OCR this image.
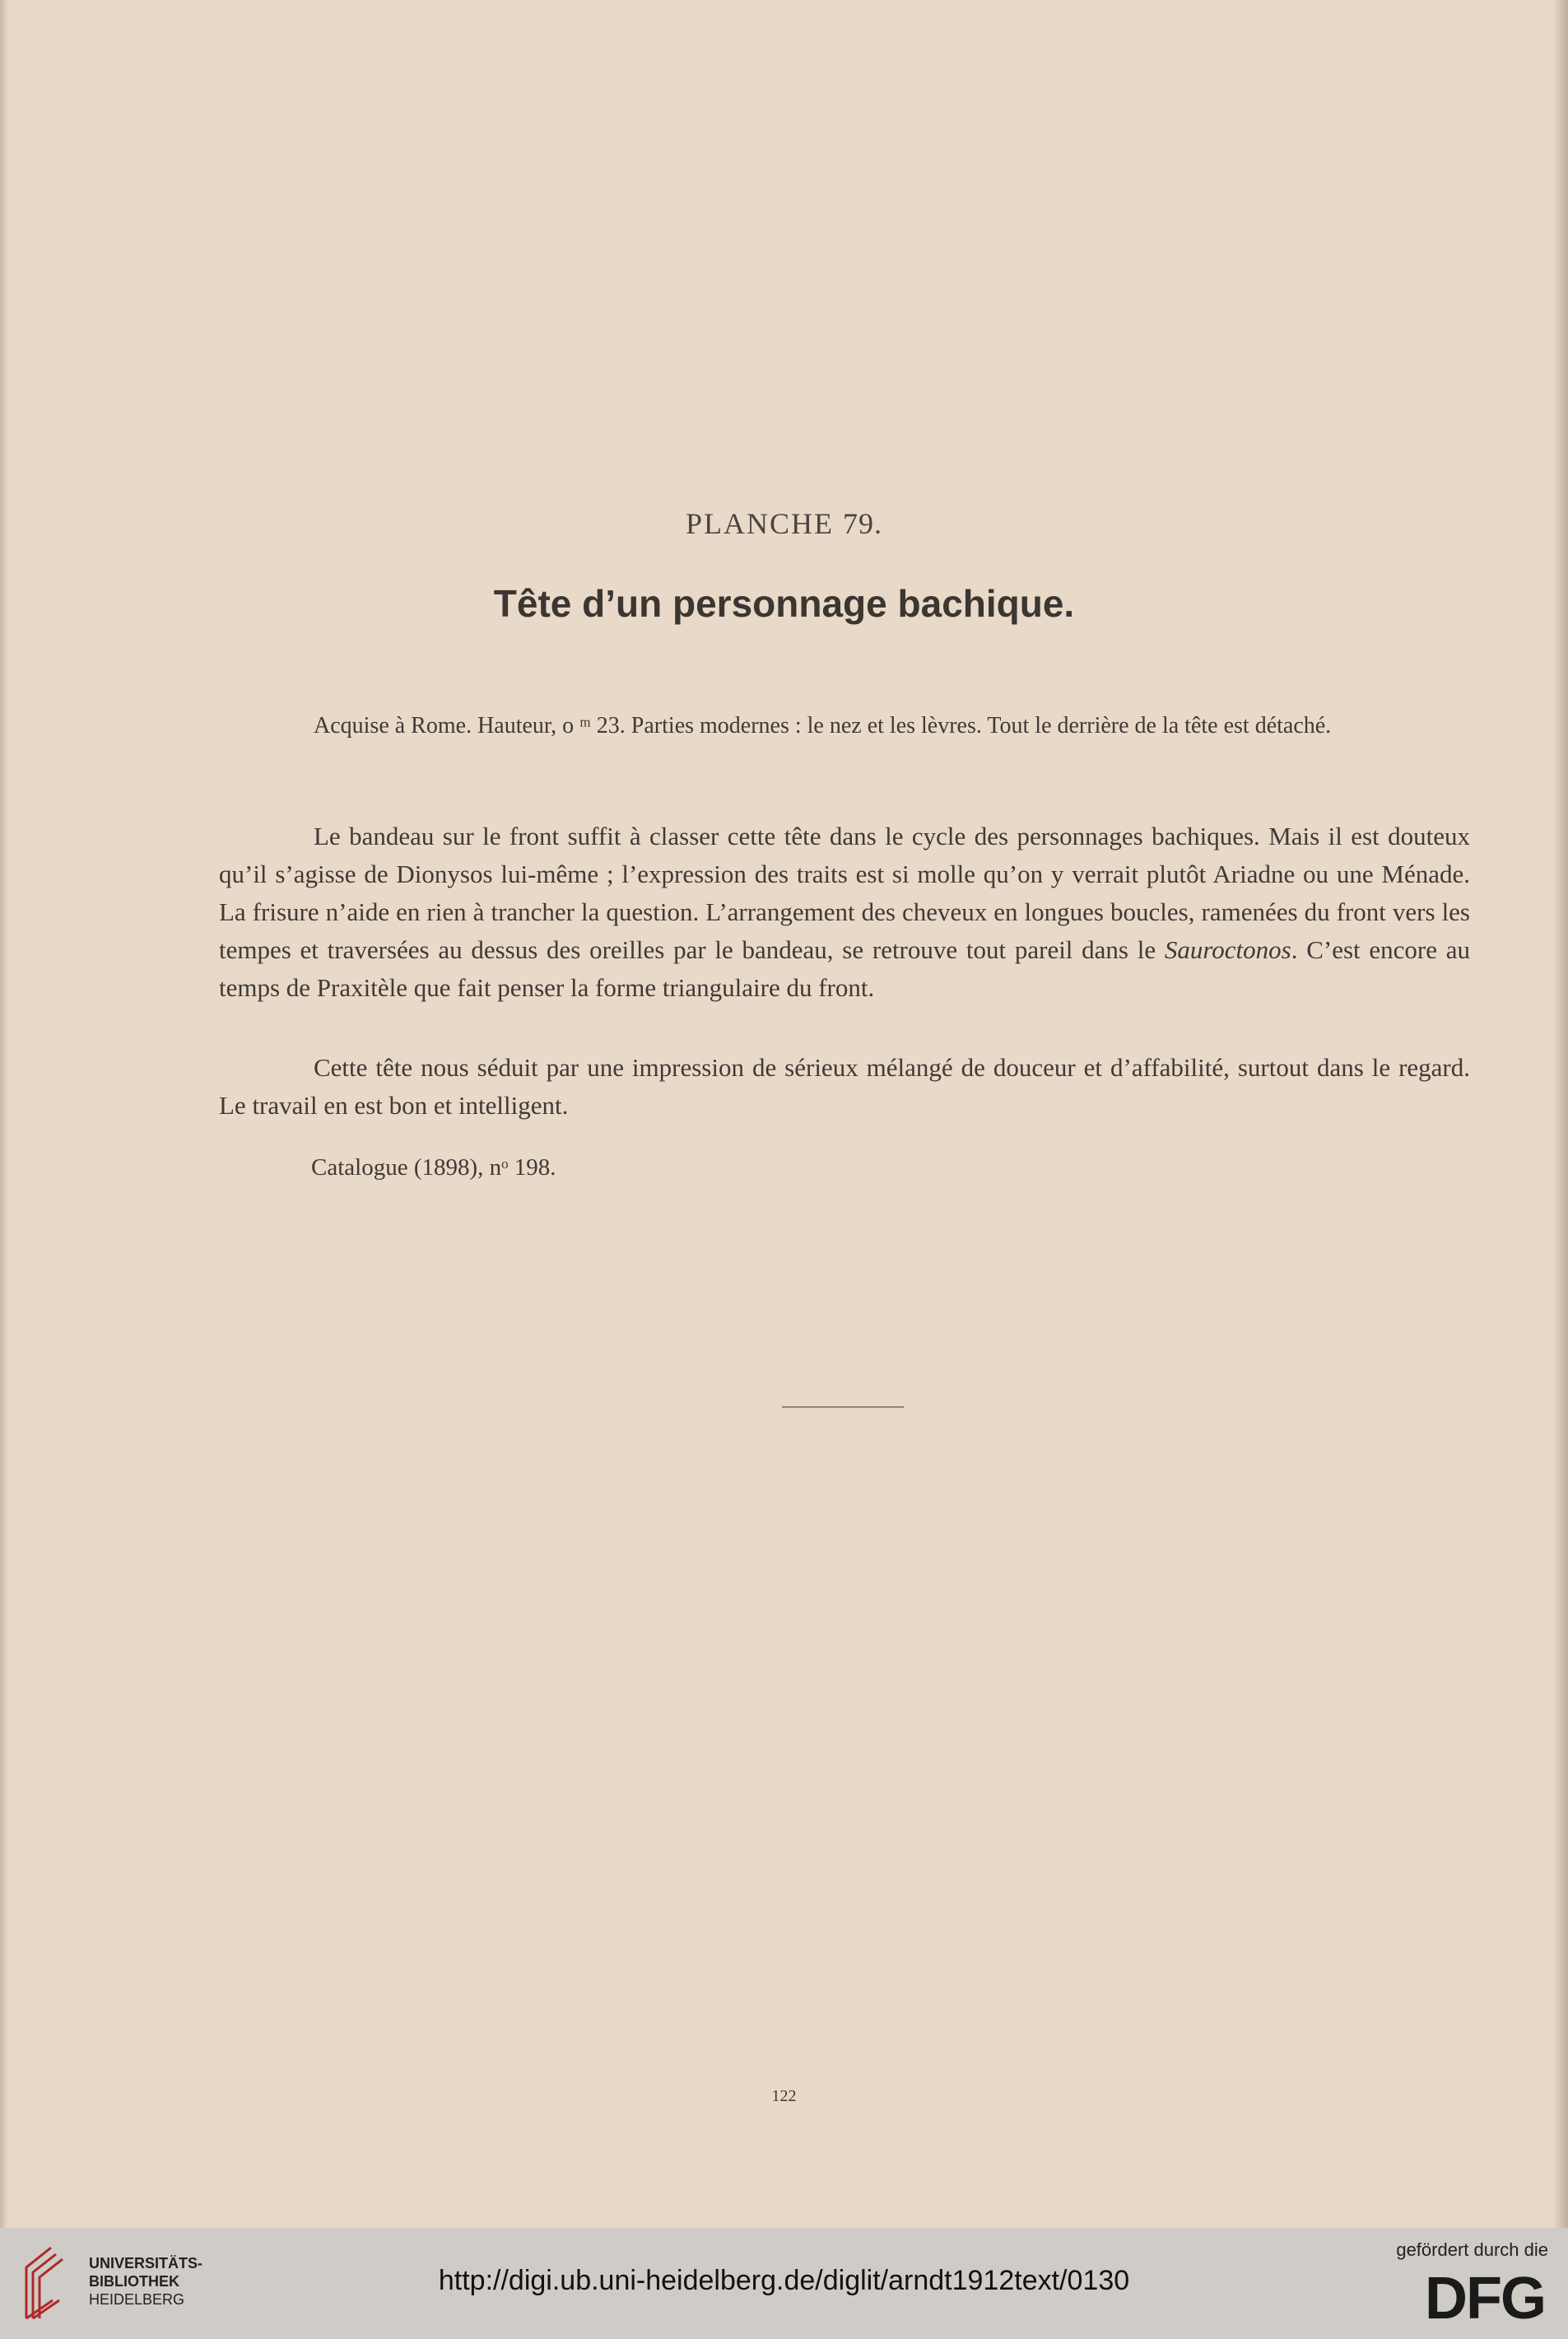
PLANCHE 79.
Tête d’un personnage bachique.

Acquise à Rome. Hauteur, o ᵐ 23. Parties modernes : le nez et les lèvres. Tout le derrière de la tête est détaché.

Le bandeau sur le front suffit à classer cette tête dans le cycle des personnages bachiques. Mais il est douteux qu’il s’agisse de Dionysos lui-même ; l’expression des traits est si molle qu’on y verrait plutôt Ariadne ou une Ménade. La frisure n’aide en rien à trancher la question. L’arrangement des cheveux en longues boucles, ramenées du front vers les tempes et traversées au dessus des oreilles par le bandeau, se retrouve tout pareil dans le Sauroctonos. C’est encore au temps de Praxitèle que fait penser la forme triangulaire du front.

Cette tête nous séduit par une impression de sérieux mélangé de douceur et d’affabilité, surtout dans le regard. Le travail en est bon et intelligent.

Catalogue (1898), nᵒ 198.

122
UNIVERSITÄTS-
BIBLIOTHEK
HEIDELBERG
http://digi.ub.uni-heidelberg.de/diglit/arndt1912text/0130
gefördert durch die
DFG
